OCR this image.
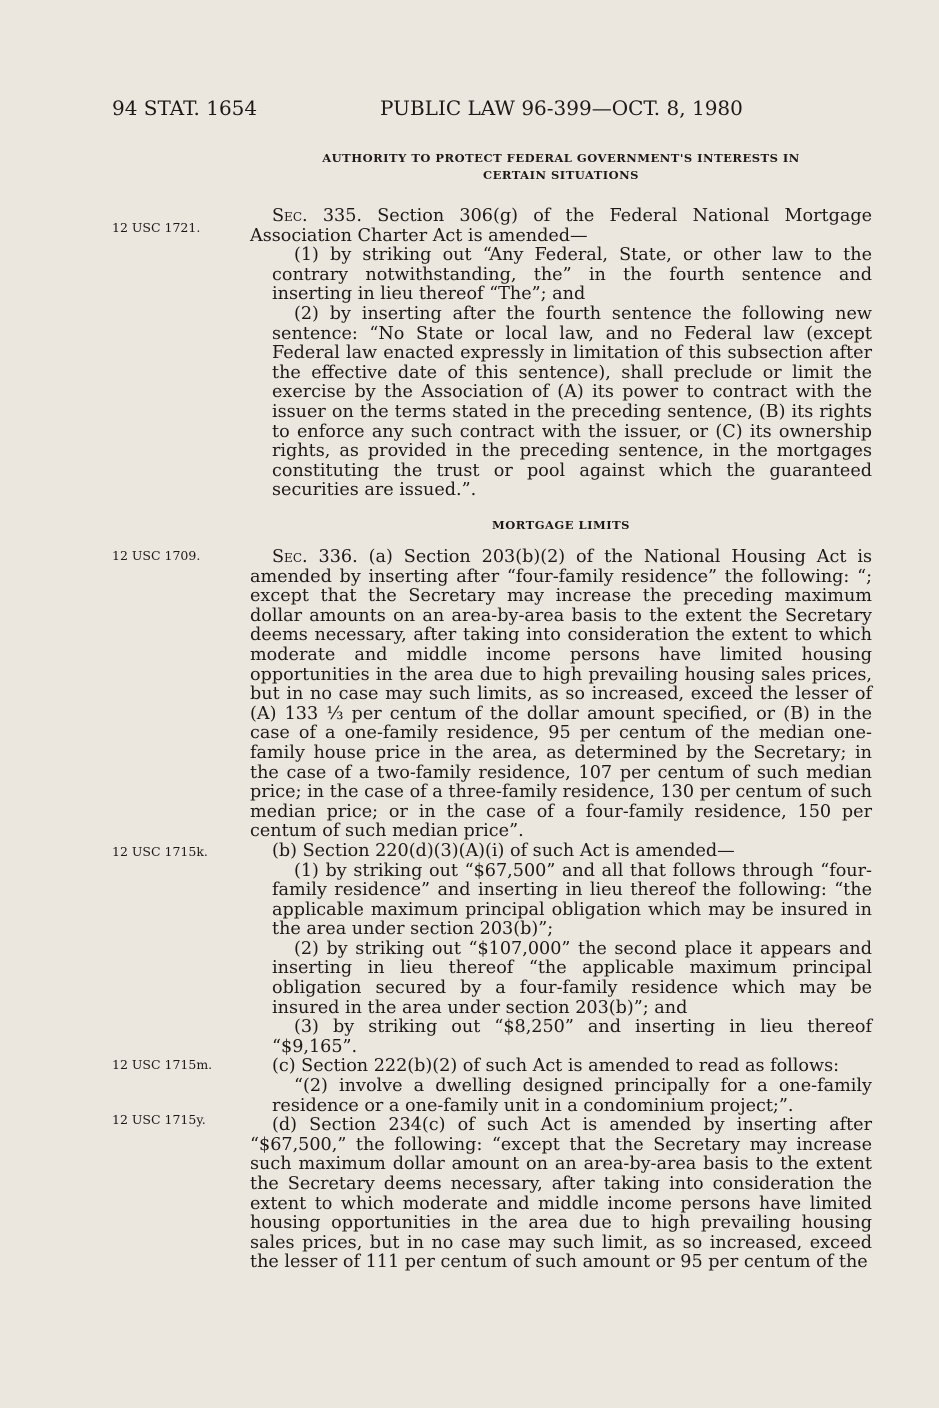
94 STAT. 1654	PUBLIC LAW 96-399—OCT. 8, 1980
AUTHORITY TO PROTECT FEDERAL GOVERNMENT'S INTERESTS IN
CERTAIN SITUATIONS
12 USC 1721.

Sec. 335. Section 306(g) of the Federal National Mortgage Association Charter Act is amended—

(1) by striking out “Any Federal, State, or other law to the contrary notwithstanding, the” in the fourth sentence and inserting in lieu thereof “The”; and

(2) by inserting after the fourth sentence the following new sentence: “No State or local law, and no Federal law (except Federal law enacted expressly in limitation of this subsection after the effective date of this sentence), shall preclude or limit the exercise by the Association of (A) its power to contract with the issuer on the terms stated in the preceding sentence, (B) its rights to enforce any such contract with the issuer, or (C) its ownership rights, as provided in the preceding sentence, in the mortgages constituting the trust or pool against which the guaranteed securities are issued.”.

MORTGAGE LIMITS
12 USC 1709.
12 USC 1715k.
12 USC 1715m.
12 USC 1715y.

Sec. 336. (a) Section 203(b)(2) of the National Housing Act is amended by inserting after “four-family residence” the following: “; except that the Secretary may increase the preceding maximum dollar amounts on an area-by-area basis to the extent the Secretary deems necessary, after taking into consideration the extent to which moderate and middle income persons have limited housing opportunities in the area due to high prevailing housing sales prices, but in no case may such limits, as so increased, exceed the lesser of (A) 133 ⅓ per centum of the dollar amount specified, or (B) in the case of a one-family residence, 95 per centum of the median one-family house price in the area, as determined by the Secretary; in the case of a two-family residence, 107 per centum of such median price; in the case of a three-family residence, 130 per centum of such median price; or in the case of a four-family residence, 150 per centum of such median price”.

(b) Section 220(d)(3)(A)(i) of such Act is amended—

(1) by striking out “$67,500” and all that follows through “four-family residence” and inserting in lieu thereof the following: “the applicable maximum principal obligation which may be insured in the area under section 203(b)”;

(2) by striking out “$107,000” the second place it appears and inserting in lieu thereof “the applicable maximum principal obligation secured by a four-family residence which may be insured in the area under section 203(b)”; and

(3) by striking out “$8,250” and inserting in lieu thereof “$9,165”.

(c) Section 222(b)(2) of such Act is amended to read as follows:

“(2) involve a dwelling designed principally for a one-family residence or a one-family unit in a condominium project;”.

(d) Section 234(c) of such Act is amended by inserting after “$67,500,” the following: “except that the Secretary may increase such maximum dollar amount on an area-by-area basis to the extent the Secretary deems necessary, after taking into consideration the extent to which moderate and middle income persons have limited housing opportunities in the area due to high prevailing housing sales prices, but in no case may such limit, as so increased, exceed the lesser of 111 per centum of such amount or 95 per centum of the
